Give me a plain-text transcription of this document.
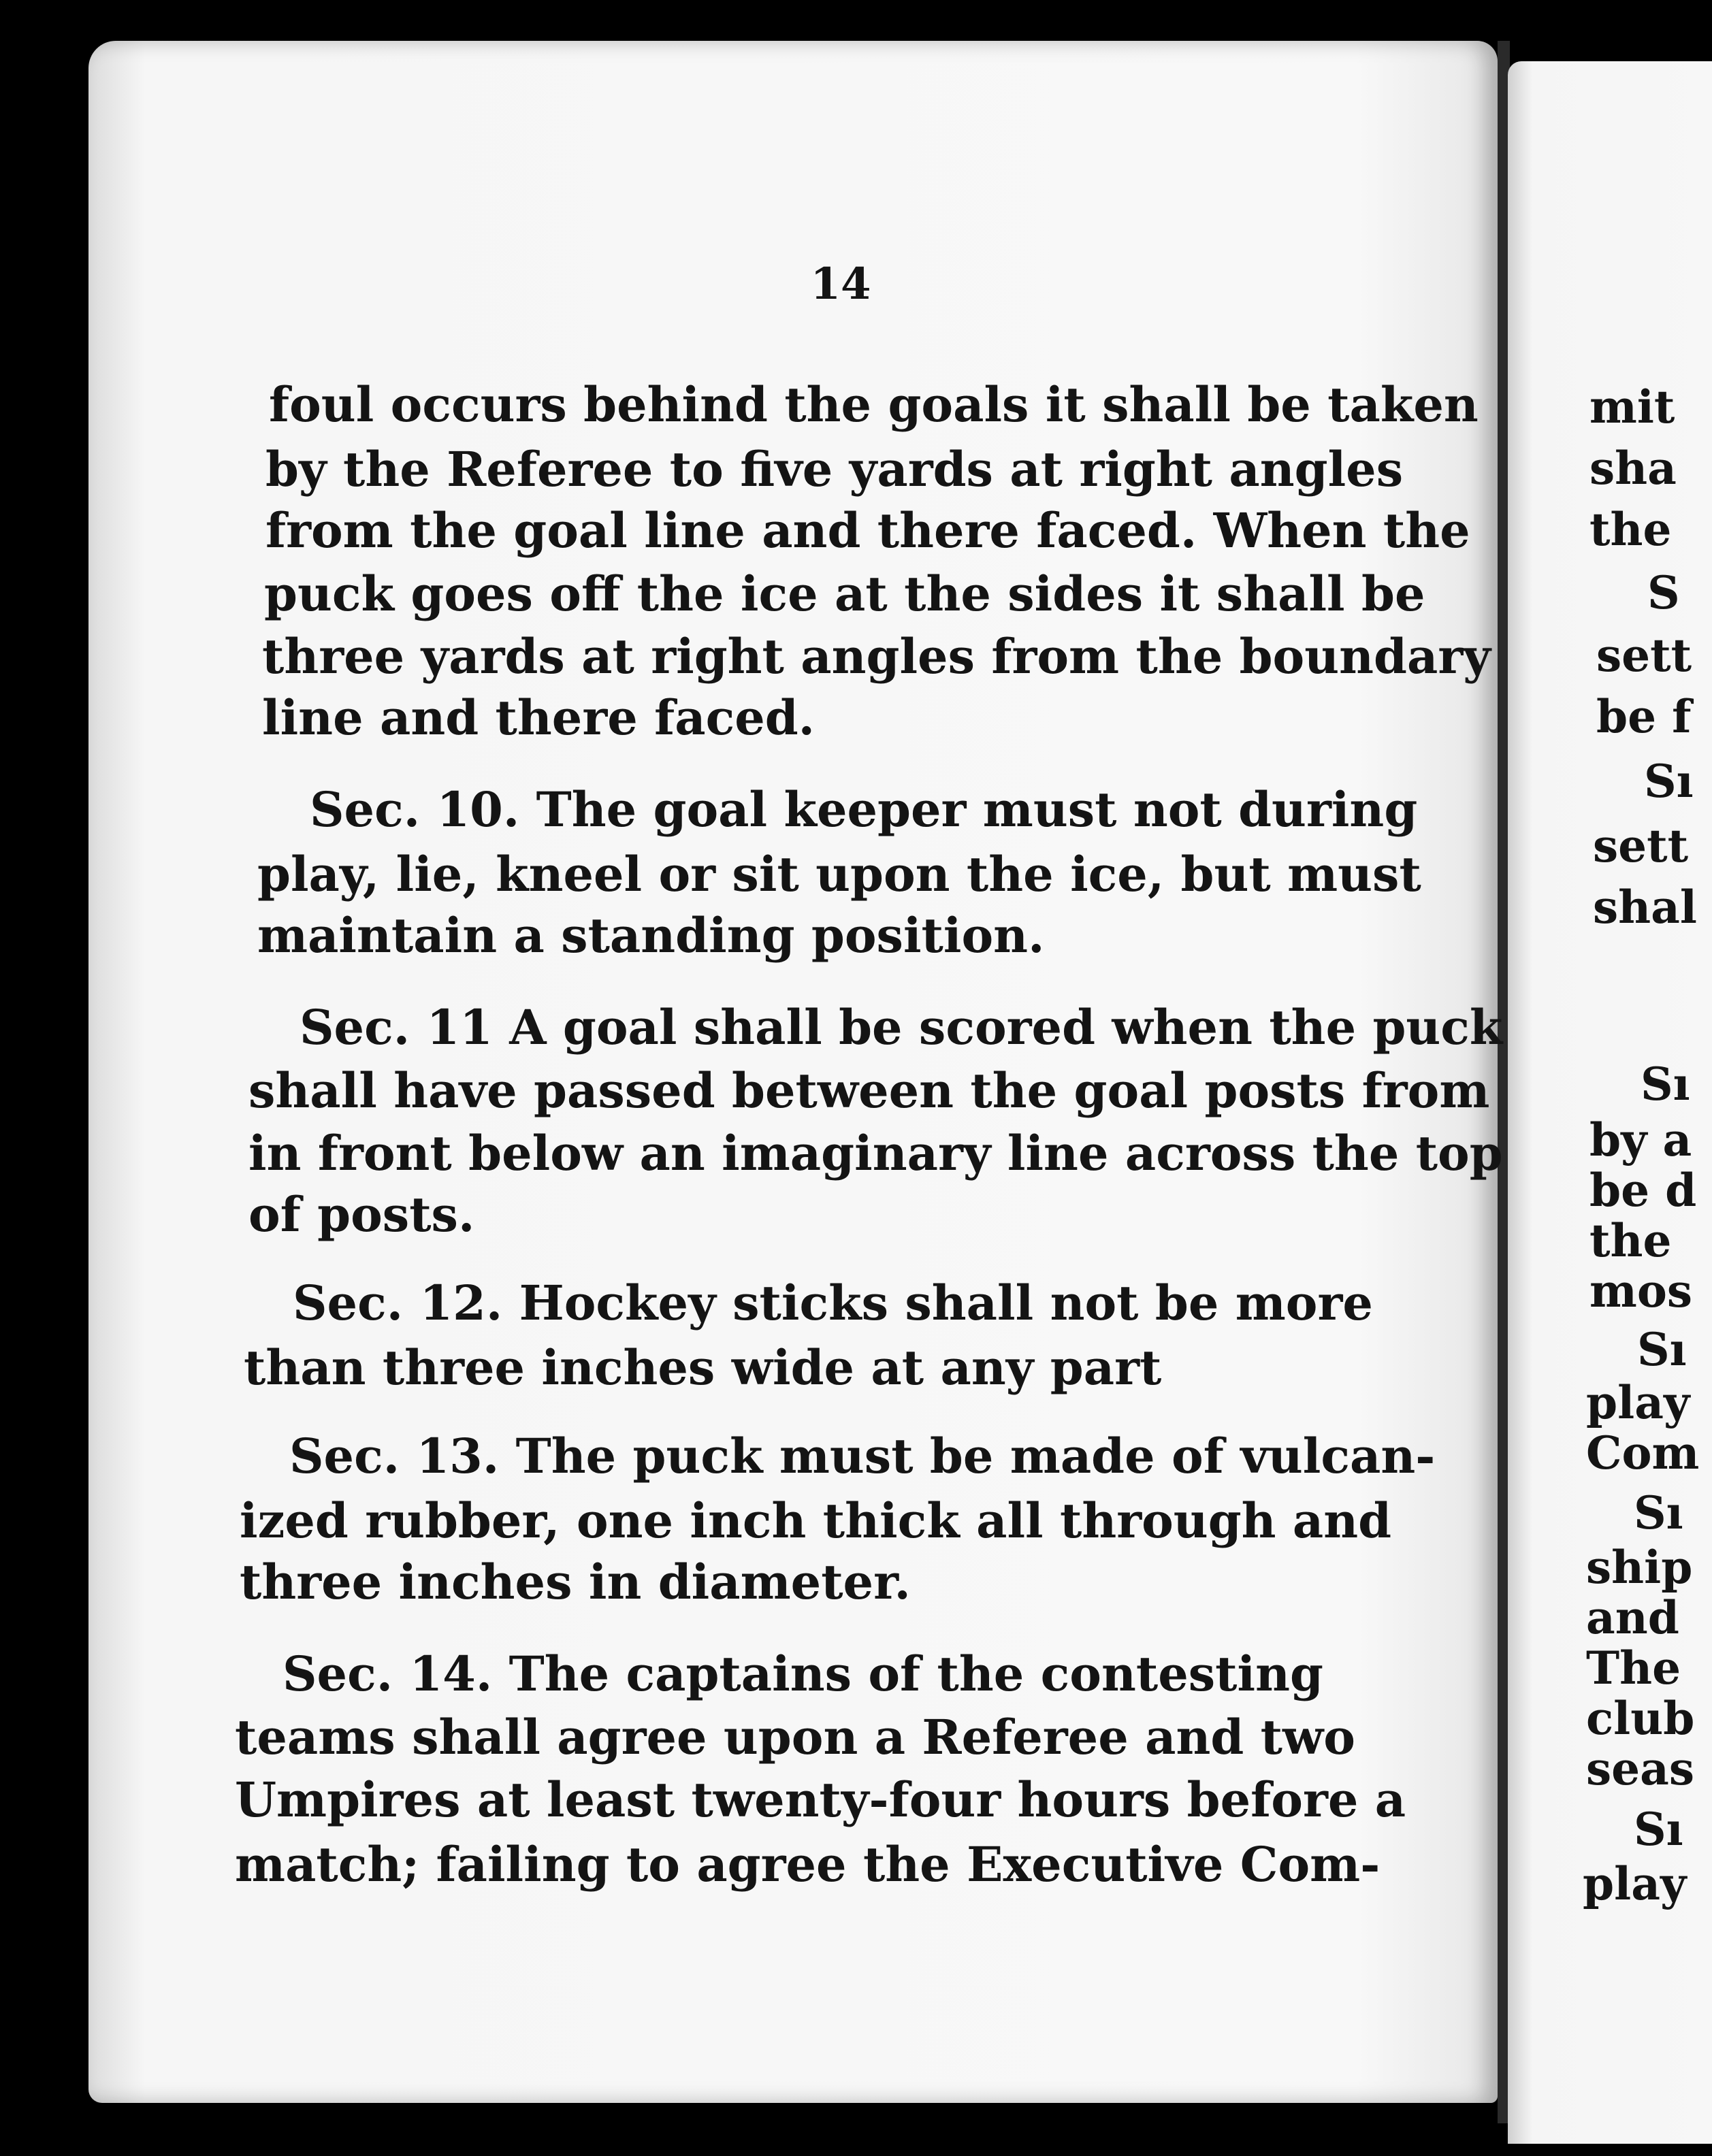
14
foul occurs behind the goals it shall be taken
by the Referee to five yards at right angles
from the goal line and there faced. When the
puck goes off the ice at the sides it shall be
three yards at right angles from the boundary
line and there faced.
Sec. 10. The goal keeper must not during
play, lie, kneel or sit upon the ice, but must
maintain a standing position.
Sec. 11 A goal shall be scored when the puck
shall have passed between the goal posts from
in front below an imaginary line across the top
of posts.
Sec. 12. Hockey sticks shall not be more
than three inches wide at any part
Sec. 13. The puck must be made of vulcan-
ized rubber, one inch thick all through and
three inches in diameter.
Sec. 14. The captains of the contesting
teams shall agree upon a Referee and two
Umpires at least twenty-four hours before a
match; failing to agree the Executive Com-
mit
sha
the
S
sett
be f
Sı
sett
shal
Sı
by a
be d
the
mos
Sı
play
Com
Sı
ship
and
The
club
seas
Sı
play
